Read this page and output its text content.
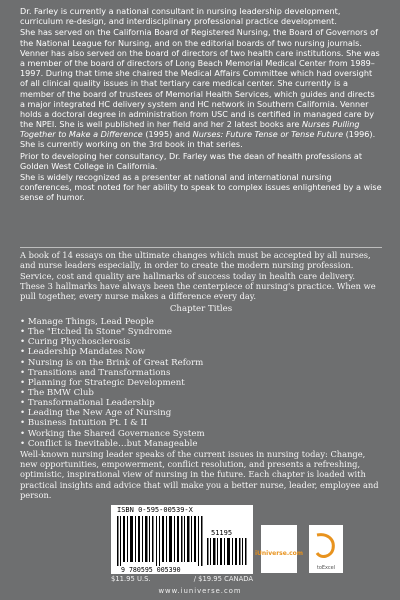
Dr. Farley is currently a national consultant in nursing leadership development, curriculum re-design, and interdisciplinary professional practice development.

She has served on the California Board of Registered Nursing, the Board of Governors of the National League for Nursing, and on the editorial boards of two nursing journals. Venner has also served on the board of directors of two health care institutions. She was a member of the board of directors of Long Beach Memorial Medical Center from 1989–1997. During that time she chaired the Medical Affairs Committee which had oversight of all clinical quality issues in that tertiary care medical center. She currently is a member of the board of trustees of Memorial Health Services, which guides and directs a major integrated HC delivery system and HC network in Southern California. Venner holds a doctoral degree in administration from USC and is certified in managed care by the NPEI. She is well published in her field and her 2 latest books are Nurses Pulling Together to Make a Difference (1995) and Nurses: Future Tense or Tense Future (1996). She is currently working on the 3rd book in that series.

Prior to developing her consultancy, Dr. Farley was the dean of health professions at Golden West College in California.

She is widely recognized as a presenter at national and international nursing conferences, most noted for her ability to speak to complex issues enlightened by a wise sense of humor.

A book of 14 essays on the ultimate changes which must be accepted by all nurses, and nurse leaders especially, in order to create the modern nursing profession. Service, cost and quality are hallmarks of success today in health care delivery. These 3 hallmarks have always been the centerpiece of nursing's practice. When we pull together, every nurse makes a difference every day.

Chapter Titles
• Manage Things, Lead People
• The "Etched In Stone" Syndrome
• Curing Phychosclerosis
• Leadership Mandates Now
• Nursing is on the Brink of Great Reform
• Transitions and Transformations
• Planning for Strategic Development
• The BMW Club
• Transformational Leadership
• Leading the New Age of Nursing
• Business Intuition Pt. I & II
• Working the Shared Governance System
• Conflict is Inevitable…but Manageable

Well-known nursing leader speaks of the current issues in nursing today: Change, new opportunities, empowerment, conflict resolution, and presents a refreshing, optimistic, inspirational view of nursing in the future. Each chapter is loaded with practical insights and advice that will make you a better nurse, leader, employee and person.

ISBN 0-595-00539-X
51195
9 780595 005390
$11.95 U.S.	/ $19.95 CANADA
www.iuniverse.com
iUniverse.com
toExcel
